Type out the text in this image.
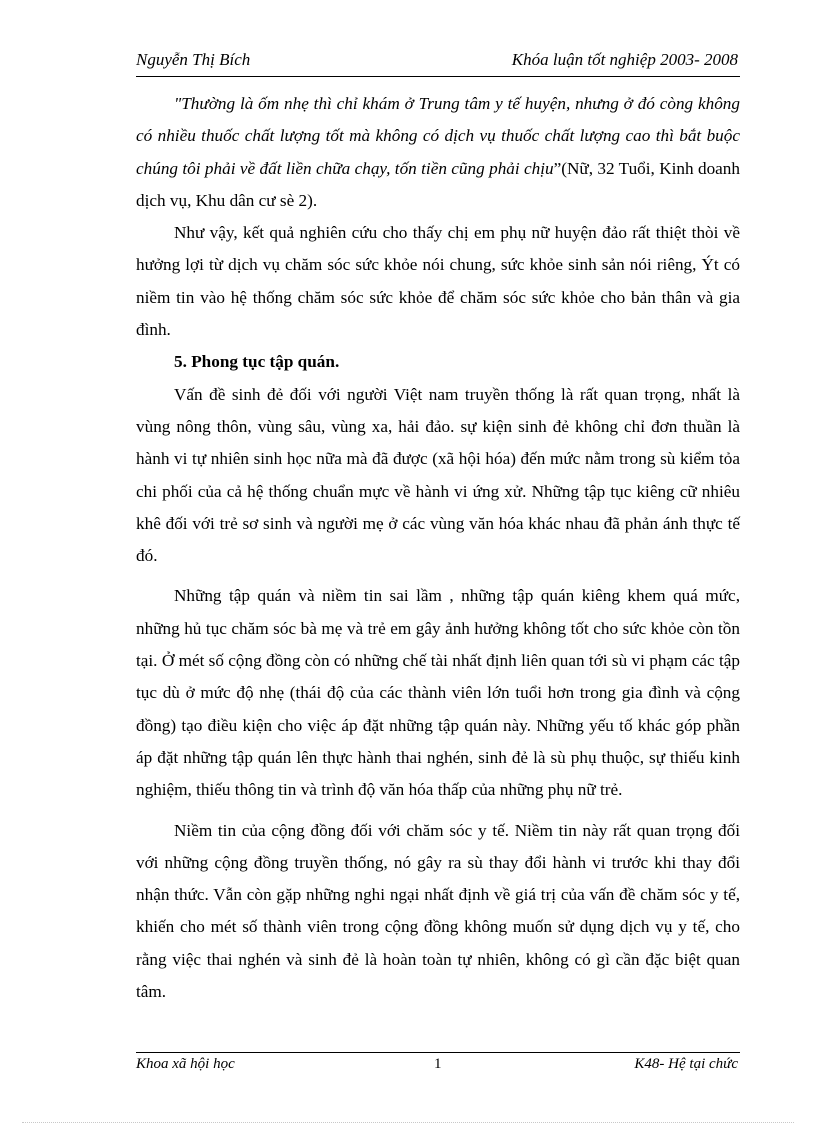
Nguyễn Thị Bích	Khóa luận tốt nghiệp 2003- 2008

"Thường là ốm nhẹ thì chỉ khám ở Trung tâm y tế huyện, nhưng ở đó còng không có nhiều thuốc chất lượng tốt mà không có dịch vụ thuốc chất lượng cao thì bắt buộc chúng tôi phải về đất liền chữa chạy, tốn tiền cũng phải chịu”(Nữ, 32 Tuổi, Kinh doanh dịch vụ, Khu dân cư sè 2).

Như vậy, kết quả nghiên cứu cho thấy chị em phụ nữ huyện đảo rất thiệt thòi về hưởng lợi từ dịch vụ chăm sóc sức khỏe nói chung, sức khỏe sinh sản nói riêng, Ýt có niềm tin vào hệ thống chăm sóc sức khỏe để chăm sóc sức khỏe cho bản thân và gia đình.

5. Phong tục tập quán.

Vấn đề sinh đẻ đối với người Việt nam truyền thống là rất quan trọng, nhất là vùng nông thôn, vùng sâu, vùng xa, hải đảo. sự kiện sinh đẻ không chỉ đơn thuần là hành vi tự nhiên sinh học nữa mà đã được (xã hội hóa) đến mức nằm trong sù kiểm tỏa chi phối của cả hệ thống chuẩn mực về hành vi ứng xử. Những tập tục kiêng cữ nhiêu khê đối với trẻ sơ sinh và người mẹ ở các vùng văn hóa khác nhau đã phản ánh thực tế đó.

Những tập quán và niềm tin sai lầm , những tập quán kiêng khem quá mức, những hủ tục chăm sóc bà mẹ và trẻ em gây ảnh hưởng không tốt cho sức khỏe còn tồn tại. Ở mét số cộng đồng còn có những chế tài nhất định liên quan tới sù vi phạm các tập tục dù ở mức độ nhẹ (thái độ của các thành viên lớn tuổi hơn trong gia đình và cộng đồng) tạo điều kiện cho việc áp đặt những tập quán này. Những yếu tố khác góp phần áp đặt những tập quán lên thực hành thai nghén, sinh đẻ là sù phụ thuộc, sự thiếu kinh nghiệm, thiếu thông tin và trình độ văn hóa thấp của những phụ nữ trẻ.

Niềm tin của cộng đồng đối với chăm sóc y tế. Niềm tin này rất quan trọng đối với những cộng đồng truyền thống, nó gây ra sù thay đổi hành vi trước khi thay đổi nhận thức. Vẫn còn gặp những nghi ngại nhất định về giá trị của vấn đề chăm sóc y tế, khiến cho mét số thành viên trong cộng đồng không muốn sử dụng dịch vụ y tế, cho rằng việc thai nghén và sinh đẻ là hoàn toàn tự nhiên, không có gì cần đặc biệt quan tâm.

Khoa xã hội học	1	K48- Hệ tại chức
